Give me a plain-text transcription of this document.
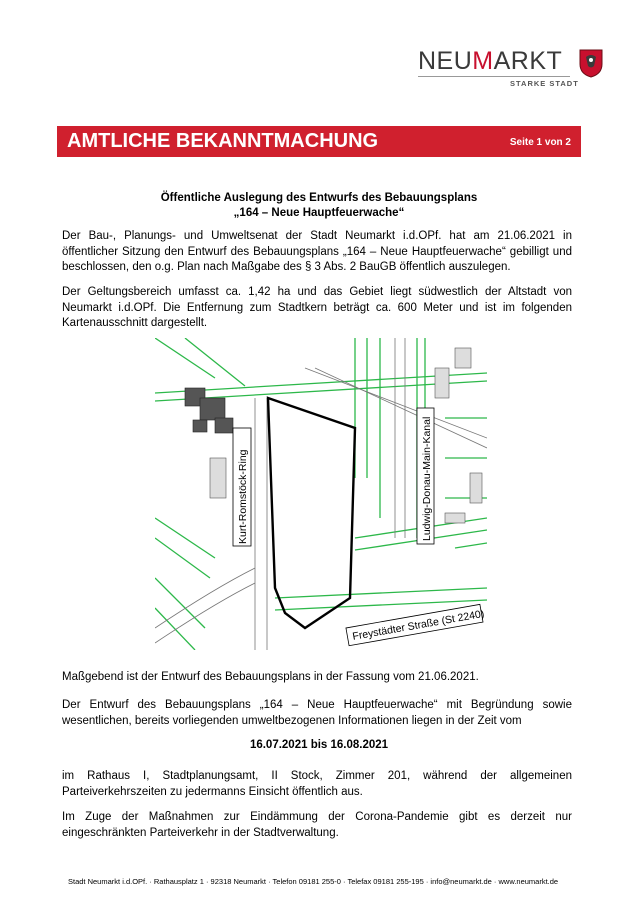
NEUMARKT
STARKE STADT
AMTLICHE BEKANNTMACHUNG	Seite 1 von 2
Öffentliche Auslegung des Entwurfs des Bebauungsplans
„164 – Neue Hauptfeuerwache“
Der Bau-, Planungs- und Umweltsenat der Stadt Neumarkt i.d.OPf. hat am 21.06.2021 in öffentlicher Sitzung den Entwurf des Bebauungsplans „164 – Neue Hauptfeuerwache“ gebilligt und beschlossen, den o.g. Plan nach Maßgabe des § 3 Abs. 2 BauGB öffentlich auszulegen.
Der Geltungsbereich umfasst ca. 1,42 ha und das Gebiet liegt südwestlich der Altstadt von Neumarkt i.d.OPf. Die Entfernung zum Stadtkern beträgt ca. 600 Meter und ist im folgenden Kartenausschnitt dargestellt.
Kurt-Romstöck-Ring	Ludwig-Donau-Main-Kanal
Freystädter Straße (St 2240)
Maßgebend ist der Entwurf des Bebauungsplans in der Fassung vom 21.06.2021.
Der Entwurf des Bebauungsplans „164 – Neue Hauptfeuerwache“ mit Begründung sowie wesentlichen, bereits vorliegenden umweltbezogenen Informationen liegen in der Zeit vom
16.07.2021 bis 16.08.2021
im Rathaus I, Stadtplanungsamt, II Stock, Zimmer 201, während der allgemeinen Parteiverkehrszeiten zu jedermanns Einsicht öffentlich aus.
Im Zuge der Maßnahmen zur Eindämmung der Corona-Pandemie gibt es derzeit nur eingeschränkten Parteiverkehr in der Stadtverwaltung.
Stadt Neumarkt i.d.OPf. · Rathausplatz 1 · 92318 Neumarkt · Telefon 09181 255-0 · Telefax 09181 255-195 · info@neumarkt.de · www.neumarkt.de
